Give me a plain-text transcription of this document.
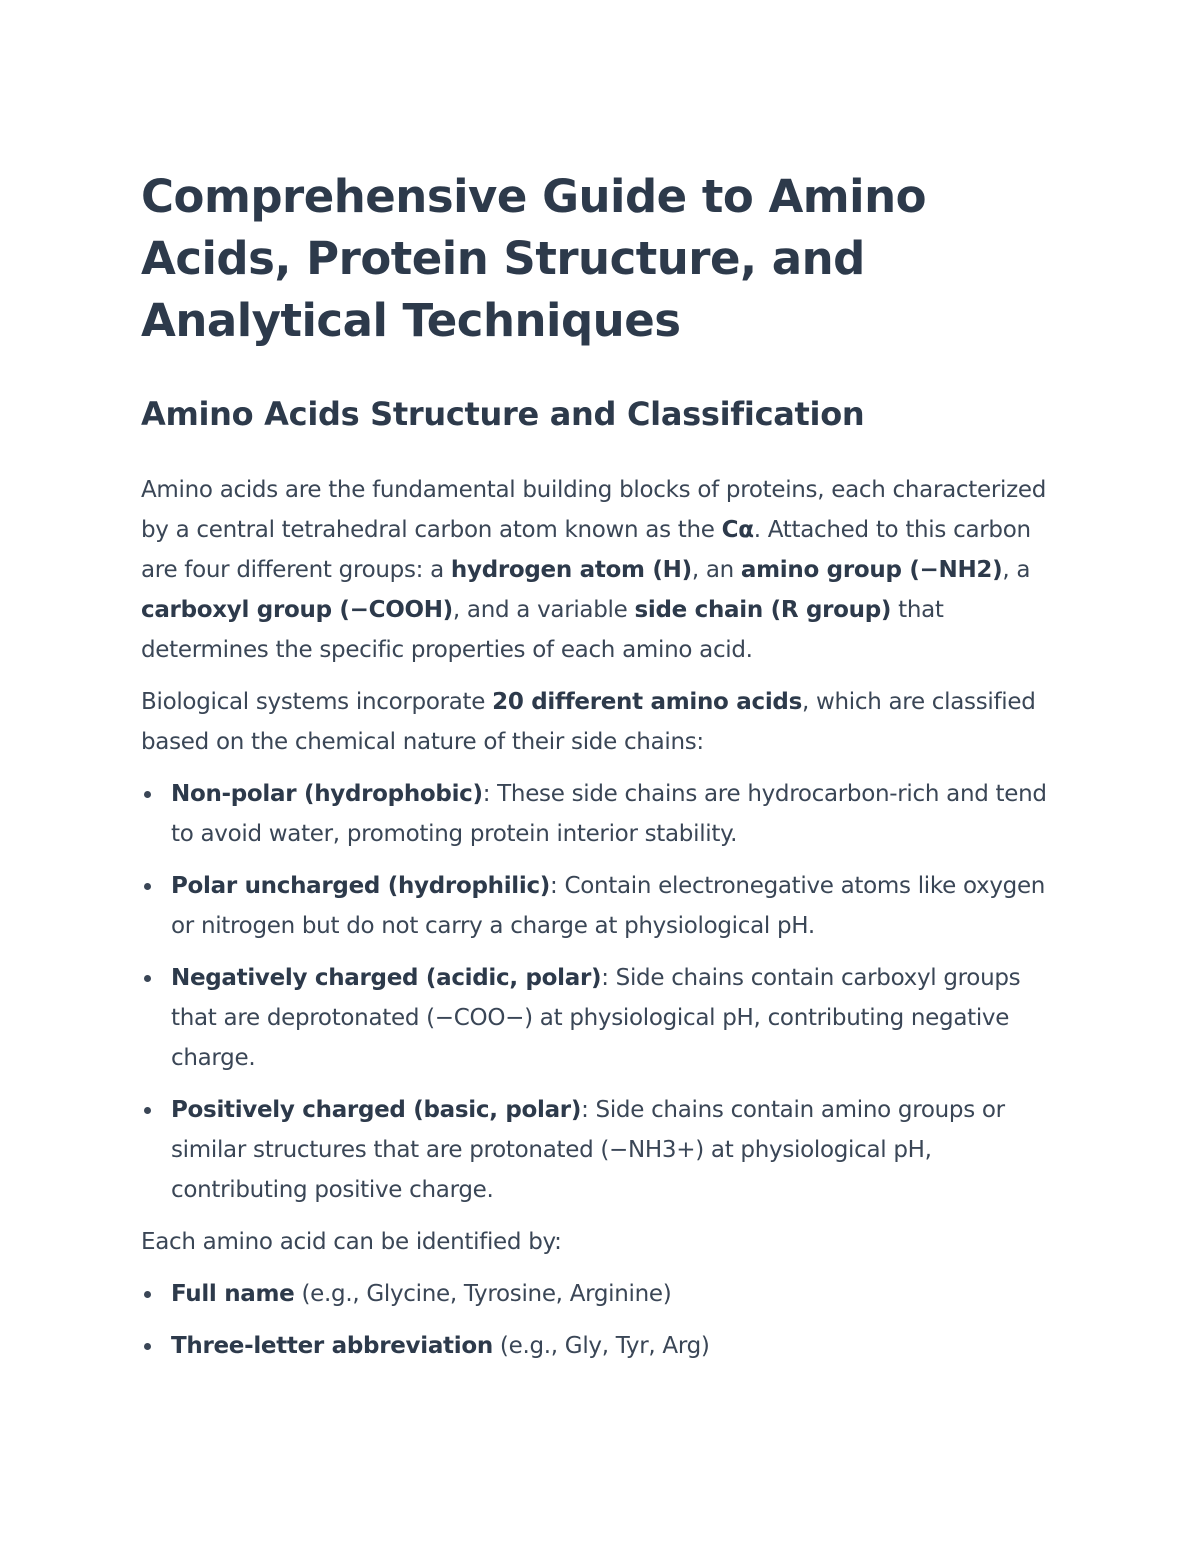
Comprehensive Guide to Amino Acids, Protein Structure, and Analytical Techniques
Amino Acids Structure and Classification

Amino acids are the fundamental building blocks of proteins, each characterized by a central tetrahedral carbon atom known as the Cα. Attached to this carbon are four different groups: a hydrogen atom (H), an amino group (−NH2), a carboxyl group (−COOH), and a variable side chain (R group) that determines the specific properties of each amino acid.

Biological systems incorporate 20 different amino acids, which are classified based on the chemical nature of their side chains:

Non-polar (hydrophobic): These side chains are hydrocarbon-rich and tend to avoid water, promoting protein interior stability.
Polar uncharged (hydrophilic): Contain electronegative atoms like oxygen or nitrogen but do not carry a charge at physiological pH.
Negatively charged (acidic, polar): Side chains contain carboxyl groups that are deprotonated (−COO−) at physiological pH, contributing negative charge.
Positively charged (basic, polar): Side chains contain amino groups or similar structures that are protonated (−NH3+) at physiological pH, contributing positive charge.

Each amino acid can be identified by:

Full name (e.g., Glycine, Tyrosine, Arginine)
Three-letter abbreviation (e.g., Gly, Tyr, Arg)
